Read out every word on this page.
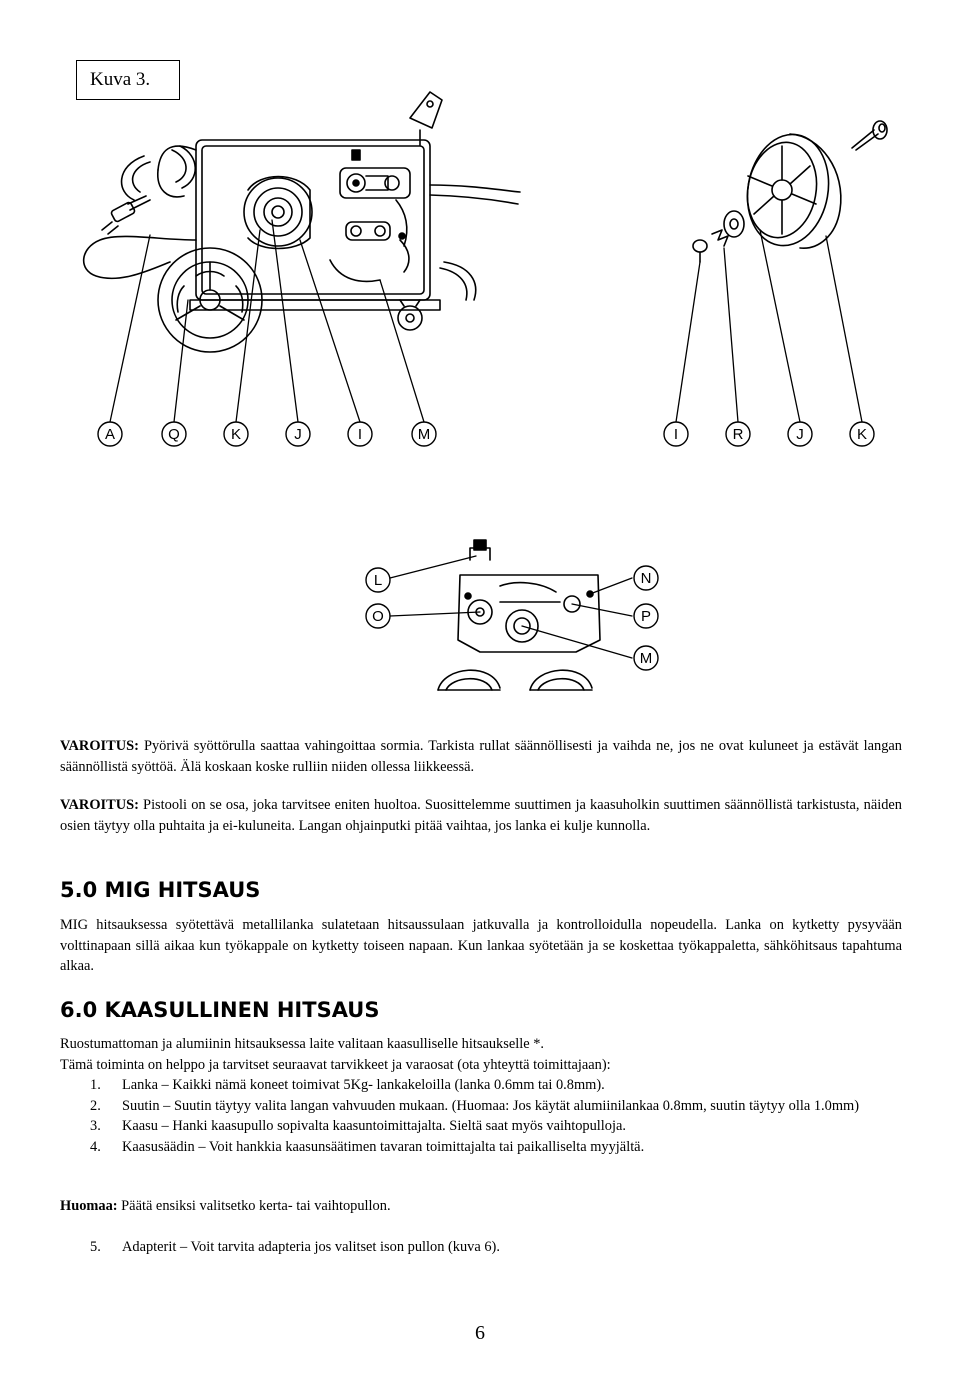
Kuva 3.
A	Q	K	J	I	M	I	R	J	K
L
O
N
P
M

VAROITUS: Pyörivä syöttörulla saattaa vahingoittaa sormia. Tarkista rullat säännöllisesti ja vaihda ne, jos ne ovat kuluneet ja estävät langan säännöllistä syöttöä. Älä koskaan koske rulliin niiden ollessa liikkeessä.

VAROITUS: Pistooli on se osa, joka tarvitsee eniten huoltoa. Suosittelemme suuttimen ja kaasuholkin suuttimen säännöllistä tarkistusta, näiden osien täytyy olla puhtaita ja ei-kuluneita. Langan ohjainputki pitää vaihtaa, jos lanka ei kulje kunnolla.

5.0 MIG HITSAUS

MIG hitsauksessa syötettävä metallilanka sulatetaan hitsaussulaan jatkuvalla ja kontrolloidulla nopeudella. Lanka on kytketty pysyvään volttinapaan sillä aikaa kun työkappale on kytketty toiseen napaan. Kun lankaa syötetään ja se koskettaa työkappaletta, sähköhitsaus tapahtuma alkaa.

6.0 KAASULLINEN HITSAUS

Ruostumattoman ja alumiinin hitsauksessa laite valitaan kaasulliselle hitsaukselle *.

Tämä toiminta on helppo ja tarvitset seuraavat tarvikkeet ja varaosat (ota yhteyttä toimittajaan):

1.	Lanka – Kaikki nämä koneet toimivat 5Kg- lankakeloilla (lanka 0.6mm tai 0.8mm).
2.	Suutin – Suutin täytyy valita langan vahvuuden mukaan. (Huomaa: Jos käytät alumiinilankaa 0.8mm, suutin täytyy olla 1.0mm)
3.	Kaasu – Hanki kaasupullo sopivalta kaasuntoimittajalta. Sieltä saat myös vaihtopulloja.
4.	Kaasusäädin – Voit hankkia kaasunsäätimen tavaran toimittajalta tai paikalliselta myyjältä.

Huomaa: Päätä ensiksi valitsetko kerta- tai vaihtopullon.

5.	Adapterit – Voit tarvita adapteria jos valitset ison pullon (kuva 6).
6
